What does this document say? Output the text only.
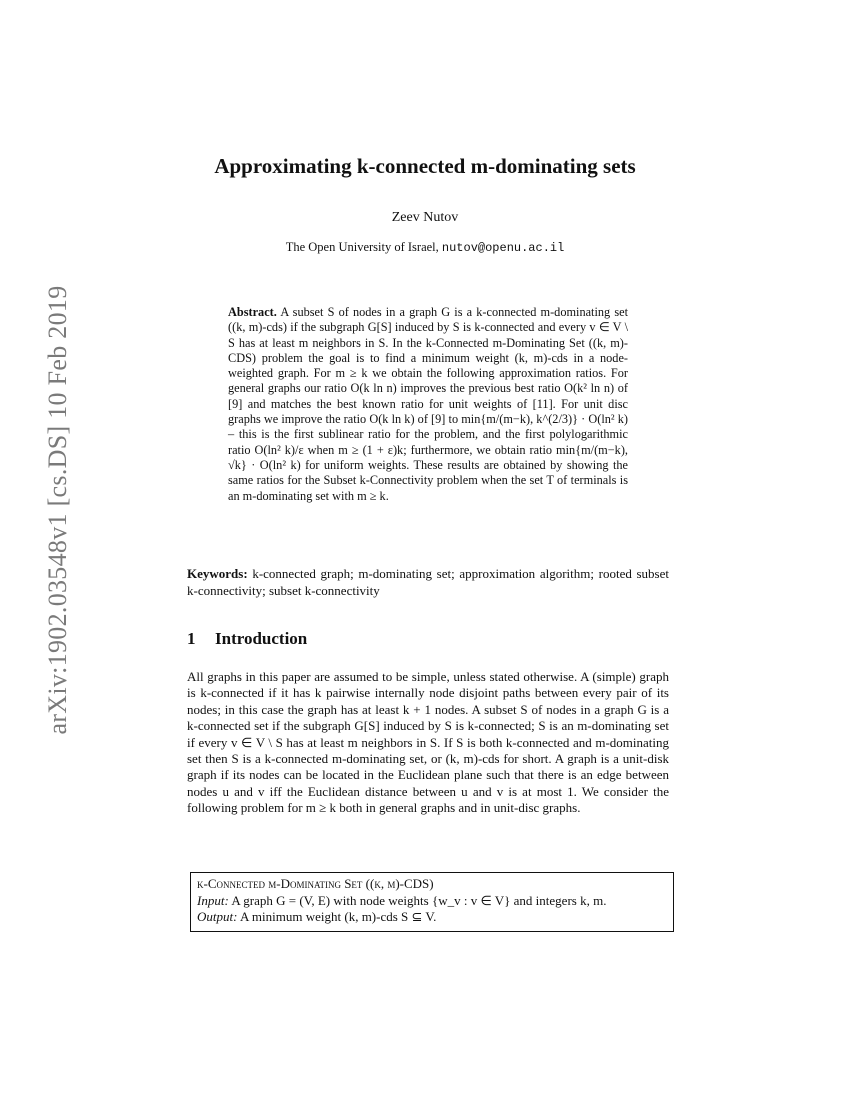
arXiv:1902.03548v1 [cs.DS] 10 Feb 2019
Approximating k-connected m-dominating sets
Zeev Nutov
The Open University of Israel, nutov@openu.ac.il
Abstract. A subset S of nodes in a graph G is a k-connected m-dominating set ((k, m)-cds) if the subgraph G[S] induced by S is k-connected and every v ∈ V \ S has at least m neighbors in S. In the k-Connected m-Dominating Set ((k, m)-CDS) problem the goal is to find a minimum weight (k, m)-cds in a node-weighted graph. For m ≥ k we obtain the following approximation ratios. For general graphs our ratio O(k ln n) improves the previous best ratio O(k² ln n) of [9] and matches the best known ratio for unit weights of [11]. For unit disc graphs we improve the ratio O(k ln k) of [9] to min{m/(m−k), k^(2/3)} · O(ln² k) – this is the first sublinear ratio for the problem, and the first polylogarithmic ratio O(ln² k)/ε when m ≥ (1 + ε)k; furthermore, we obtain ratio min{m/(m−k), √k} · O(ln² k) for uniform weights. These results are obtained by showing the same ratios for the Subset k-Connectivity problem when the set T of terminals is an m-dominating set with m ≥ k.
Keywords: k-connected graph; m-dominating set; approximation algorithm; rooted subset k-connectivity; subset k-connectivity
1 Introduction
All graphs in this paper are assumed to be simple, unless stated otherwise. A (simple) graph is k-connected if it has k pairwise internally node disjoint paths between every pair of its nodes; in this case the graph has at least k + 1 nodes. A subset S of nodes in a graph G is a k-connected set if the subgraph G[S] induced by S is k-connected; S is an m-dominating set if every v ∈ V \ S has at least m neighbors in S. If S is both k-connected and m-dominating set then S is a k-connected m-dominating set, or (k, m)-cds for short. A graph is a unit-disk graph if its nodes can be located in the Euclidean plane such that there is an edge between nodes u and v iff the Euclidean distance between u and v is at most 1. We consider the following problem for m ≥ k both in general graphs and in unit-disc graphs.
k-Connected m-Dominating Set ((k, m)-CDS)
Input: A graph G = (V, E) with node weights {w_v : v ∈ V} and integers k, m.
Output: A minimum weight (k, m)-cds S ⊆ V.
